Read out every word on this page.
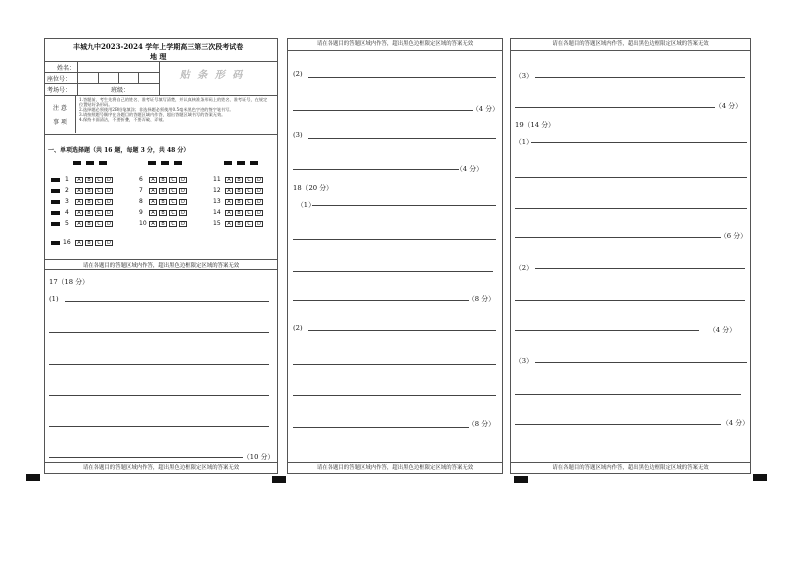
丰城九中2023-2024 学年上学期高三第三次段考试卷
地 理
姓名：
座位号：
考场号：	班级：
贴 条 形 码
注 意
事 项
1.答题前，考生先将自己的姓名、准考证号填写清楚，并认真核准条形码上的姓名、准考证号，在规定位置贴好条形码。
2.选择题必须使用2B铅笔填涂；非选择题必须使用0.5毫米黑色字迹的签字笔书写。
3.请按照题号顺序在各题目的答题区域内作答，超出答题区域书写的答案无效。
4.保持卡面清洁，不要折叠，不要弄破、弄皱。
一、单项选择题（共 16 题，每题 3 分，共 48 分）
1	A	B	C	D
2	A	B	C	D
3	A	B	C	D
4	A	B	C	D
5	A	B	C	D
6	A	B	C	D
7	A	B	C	D
8	A	B	C	D
9	A	B	C	D
10 A	B	C	D
11	A	B	C	D
12	A	B	C	D
13	A	B	C	D
14	A	B	C	D
15	A	B	C	D
16	A	B	C	D
请在各题目的答题区域内作答，超出黑色边框限定区域的答案无效
17（18 分）
(1)
（10 分）
请在各题目的答题区域内作答，超出黑色边框限定区域的答案无效
请在各题目的答题区域内作答，超出黑色边框限定区域的答案无效
(2)
（4 分）
(3)
（4 分）
18（20 分）
（1）
（8 分）
(2)
（8 分）
请在各题目的答题区域内作答，超出黑色边框限定区域的答案无效
请在各题目的答题区域内作答，超出黑色边框限定区域的答案无效
（3）
（4 分）
19（14 分）
（1）
（6 分）
（2）
（4 分）
（3）
（4 分）
请在各题目的答题区域内作答，超出黑色边框限定区域的答案无效
